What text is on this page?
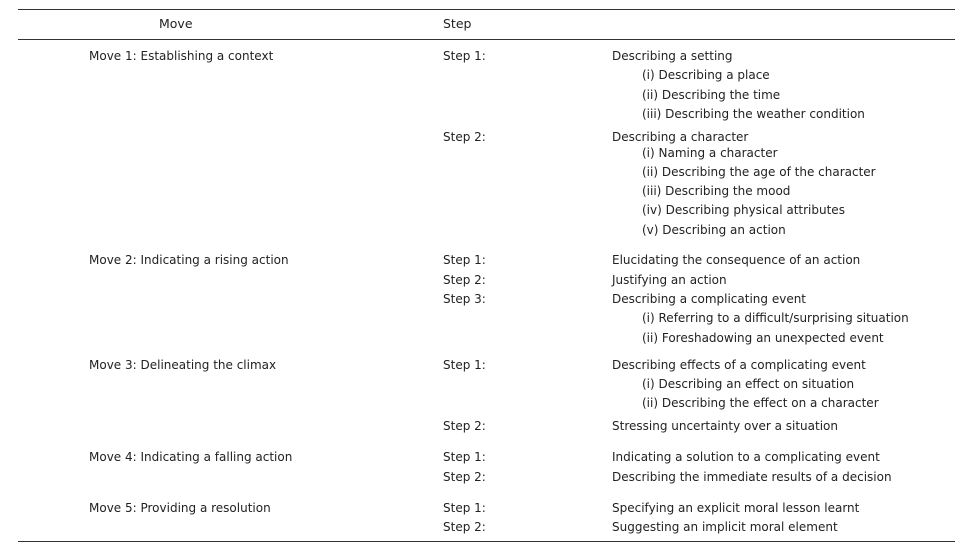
Move	Step
Move 1: Establishing a context	Step 1:	Describing a setting
(i) Describing a place
(ii) Describing the time
(iii) Describing the weather condition
Step 2:	Describing a character
(i) Naming a character
(ii) Describing the age of the character
(iii) Describing the mood
(iv) Describing physical attributes
(v) Describing an action
Move 2: Indicating a rising action	Step 1:	Elucidating the consequence of an action
Step 2:	Justifying an action
Step 3:	Describing a complicating event
(i) Referring to a difficult/surprising situation
(ii) Foreshadowing an unexpected event
Move 3: Delineating the climax	Step 1:	Describing effects of a complicating event
(i) Describing an effect on situation
(ii) Describing the effect on a character
Step 2:	Stressing uncertainty over a situation
Move 4: Indicating a falling action	Step 1:	Indicating a solution to a complicating event
Step 2:	Describing the immediate results of a decision
Move 5: Providing a resolution	Step 1:	Specifying an explicit moral lesson learnt
Step 2:	Suggesting an implicit moral element
